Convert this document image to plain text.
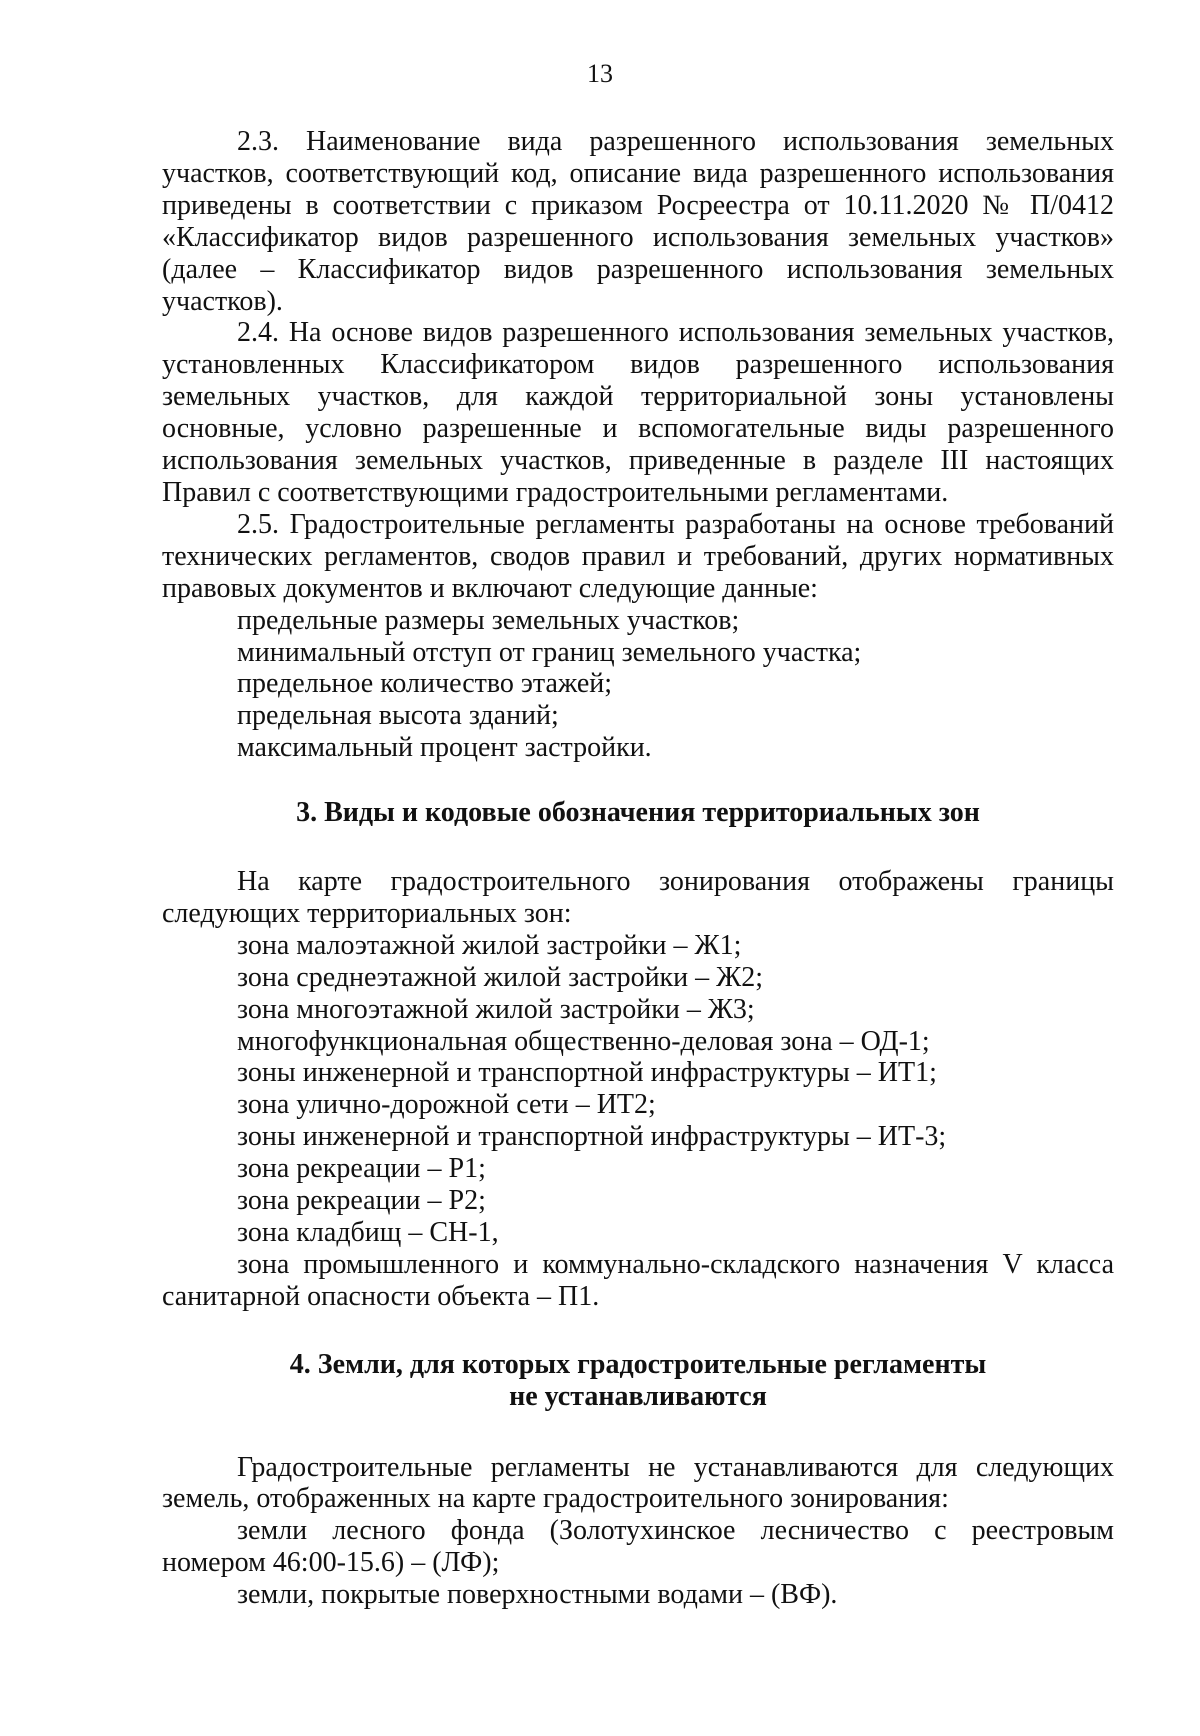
13

2.3. Наименование вида разрешенного использования земельных участков, соответствующий код, описание вида разрешенного использования приведены в соответствии с приказом Росреестра от 10.11.2020 № П/0412 «Классификатор видов разрешенного использования земельных участков» (далее – Классификатор видов разрешенного использования земельных участков).

2.4. На основе видов разрешенного использования земельных участков, установленных Классификатором видов разрешенного использования земельных участков, для каждой территориальной зоны установлены основные, условно разрешенные и вспомогательные виды разрешенного использования земельных участков, приведенные в разделе III настоящих Правил с соответствующими градостроительными регламентами.

2.5. Градостроительные регламенты разработаны на основе требований технических регламентов, сводов правил и требований, других нормативных правовых документов и включают следующие данные:

предельные размеры земельных участков;

минимальный отступ от границ земельного участка;

предельное количество этажей;

предельная высота зданий;

максимальный процент застройки.

3. Виды и кодовые обозначения территориальных зон

На карте градостроительного зонирования отображены границы следующих территориальных зон:

зона малоэтажной жилой застройки – Ж1;

зона среднеэтажной жилой застройки – Ж2;

зона многоэтажной жилой застройки – Ж3;

многофункциональная общественно-деловая зона – ОД-1;

зоны инженерной и транспортной инфраструктуры – ИТ1;

зона улично-дорожной сети – ИТ2;

зоны инженерной и транспортной инфраструктуры – ИТ-3;

зона рекреации – Р1;

зона рекреации – Р2;

зона кладбищ – СН-1,

зона промышленного и коммунально-складского назначения V класса санитарной опасности объекта – П1.

4. Земли, для которых градостроительные регламенты

не устанавливаются

Градостроительные регламенты не устанавливаются для следующих земель, отображенных на карте градостроительного зонирования:

земли лесного фонда (Золотухинское лесничество с реестровым номером 46:00-15.6) – (ЛФ);

земли, покрытые поверхностными водами – (ВФ).
